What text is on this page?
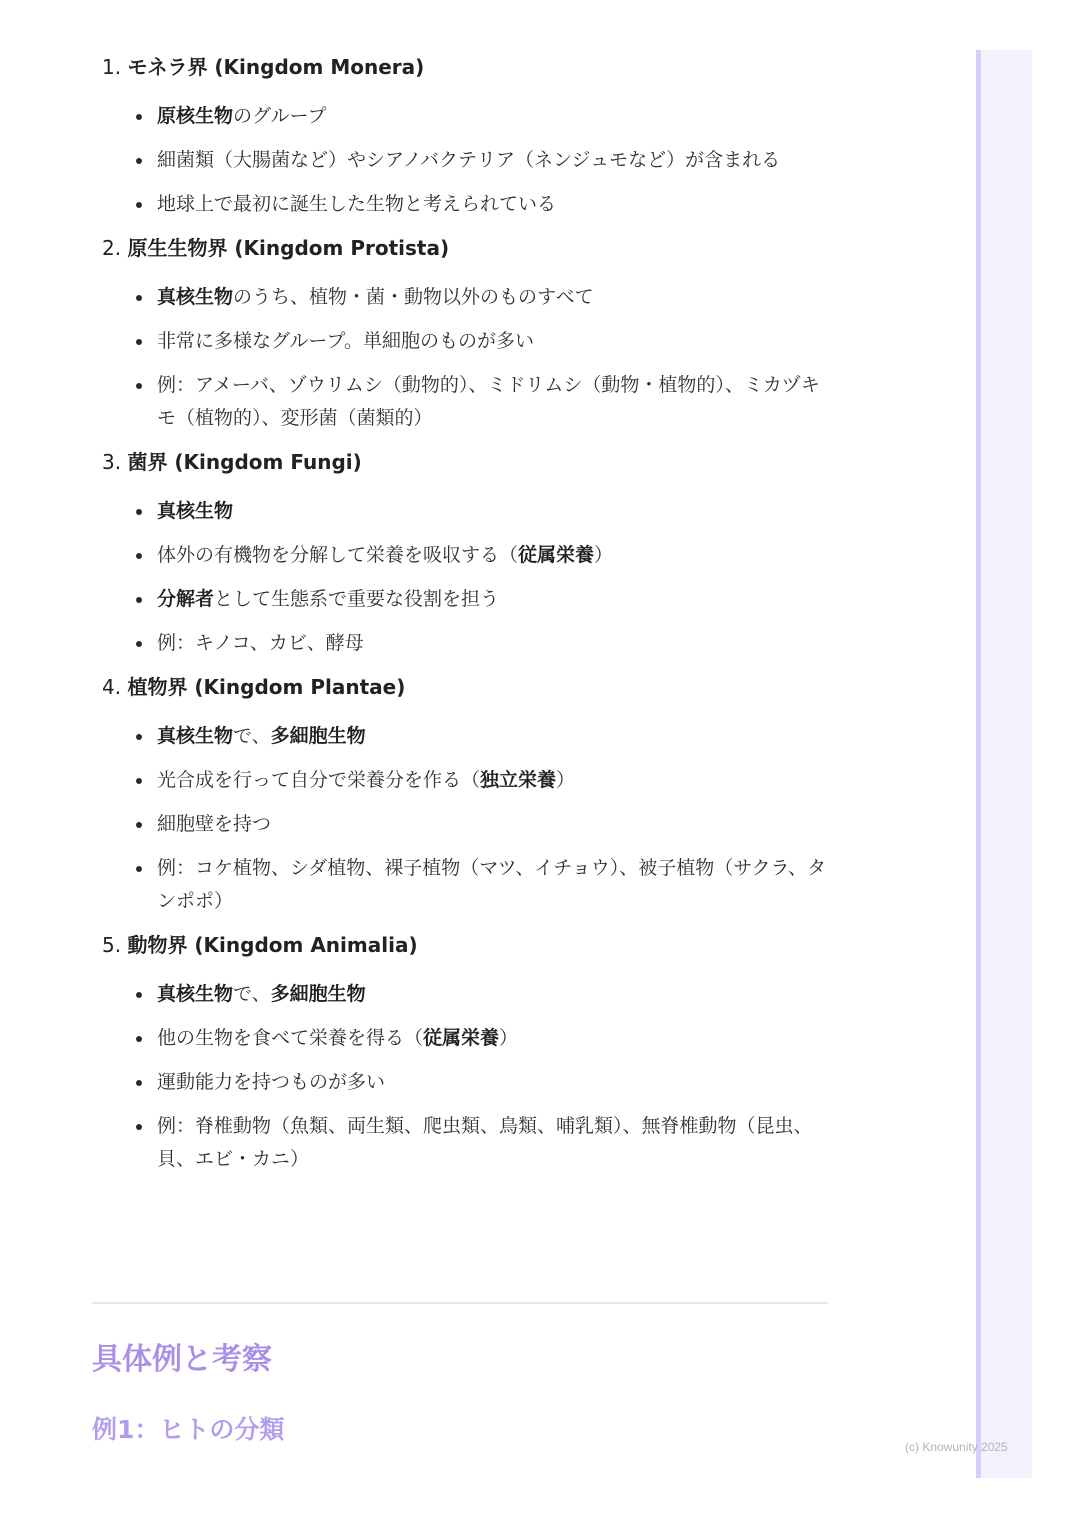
1. モネラ界 (Kingdom Monera)
原核生物のグループ
細菌類（大腸菌など）やシアノバクテリア（ネンジュモなど）が含まれる
地球上で最初に誕生した生物と考えられている
2. 原生生物界 (Kingdom Protista)
真核生物のうち、植物・菌・動物以外のものすべて
非常に多様なグループ。単細胞のものが多い
例：アメーバ、ゾウリムシ（動物的）、ミドリムシ（動物・植物的）、ミカヅキモ（植物的）、変形菌（菌類的）
3. 菌界 (Kingdom Fungi)
真核生物
体外の有機物を分解して栄養を吸収する（従属栄養）
分解者として生態系で重要な役割を担う
例：キノコ、カビ、酵母
4. 植物界 (Kingdom Plantae)
真核生物で、多細胞生物
光合成を行って自分で栄養分を作る（独立栄養）
細胞壁を持つ
例：コケ植物、シダ植物、裸子植物（マツ、イチョウ）、被子植物（サクラ、タンポポ）
5. 動物界 (Kingdom Animalia)
真核生物で、多細胞生物
他の生物を食べて栄養を得る（従属栄養）
運動能力を持つものが多い
例：脊椎動物（魚類、両生類、爬虫類、鳥類、哺乳類）、無脊椎動物（昆虫、貝、エビ・カニ）
具体例と考察
例1：ヒトの分類
(c) Knowunity 2025
